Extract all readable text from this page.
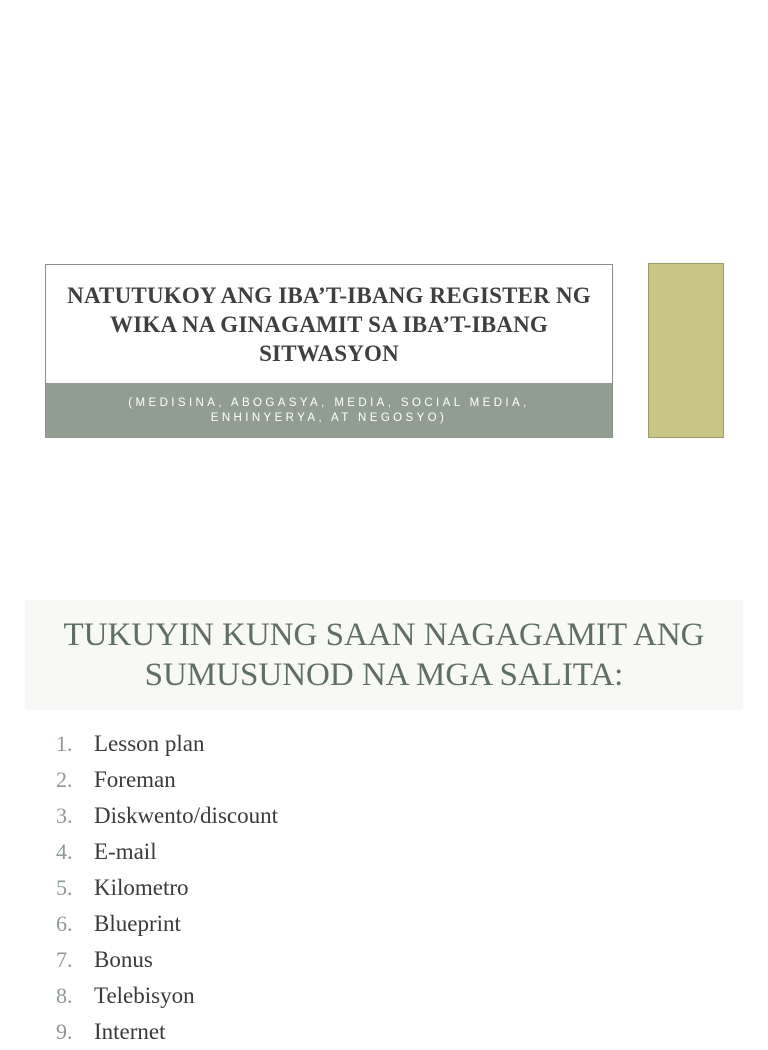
NATUTUKOY ANG IBA’T-IBANG REGISTER NG WIKA NA GINAGAMIT SA IBA’T-IBANG SITWASYON
(MEDISINA, ABOGASYA, MEDIA, SOCIAL MEDIA, ENHINYERYA, AT NEGOSYO)
TUKUYIN KUNG SAAN NAGAGAMIT ANG SUMUSUNOD NA MGA SALITA:
1. Lesson plan
2. Foreman
3. Diskwento/discount
4. E-mail
5. Kilometro
6. Blueprint
7. Bonus
8. Telebisyon
9. Internet
